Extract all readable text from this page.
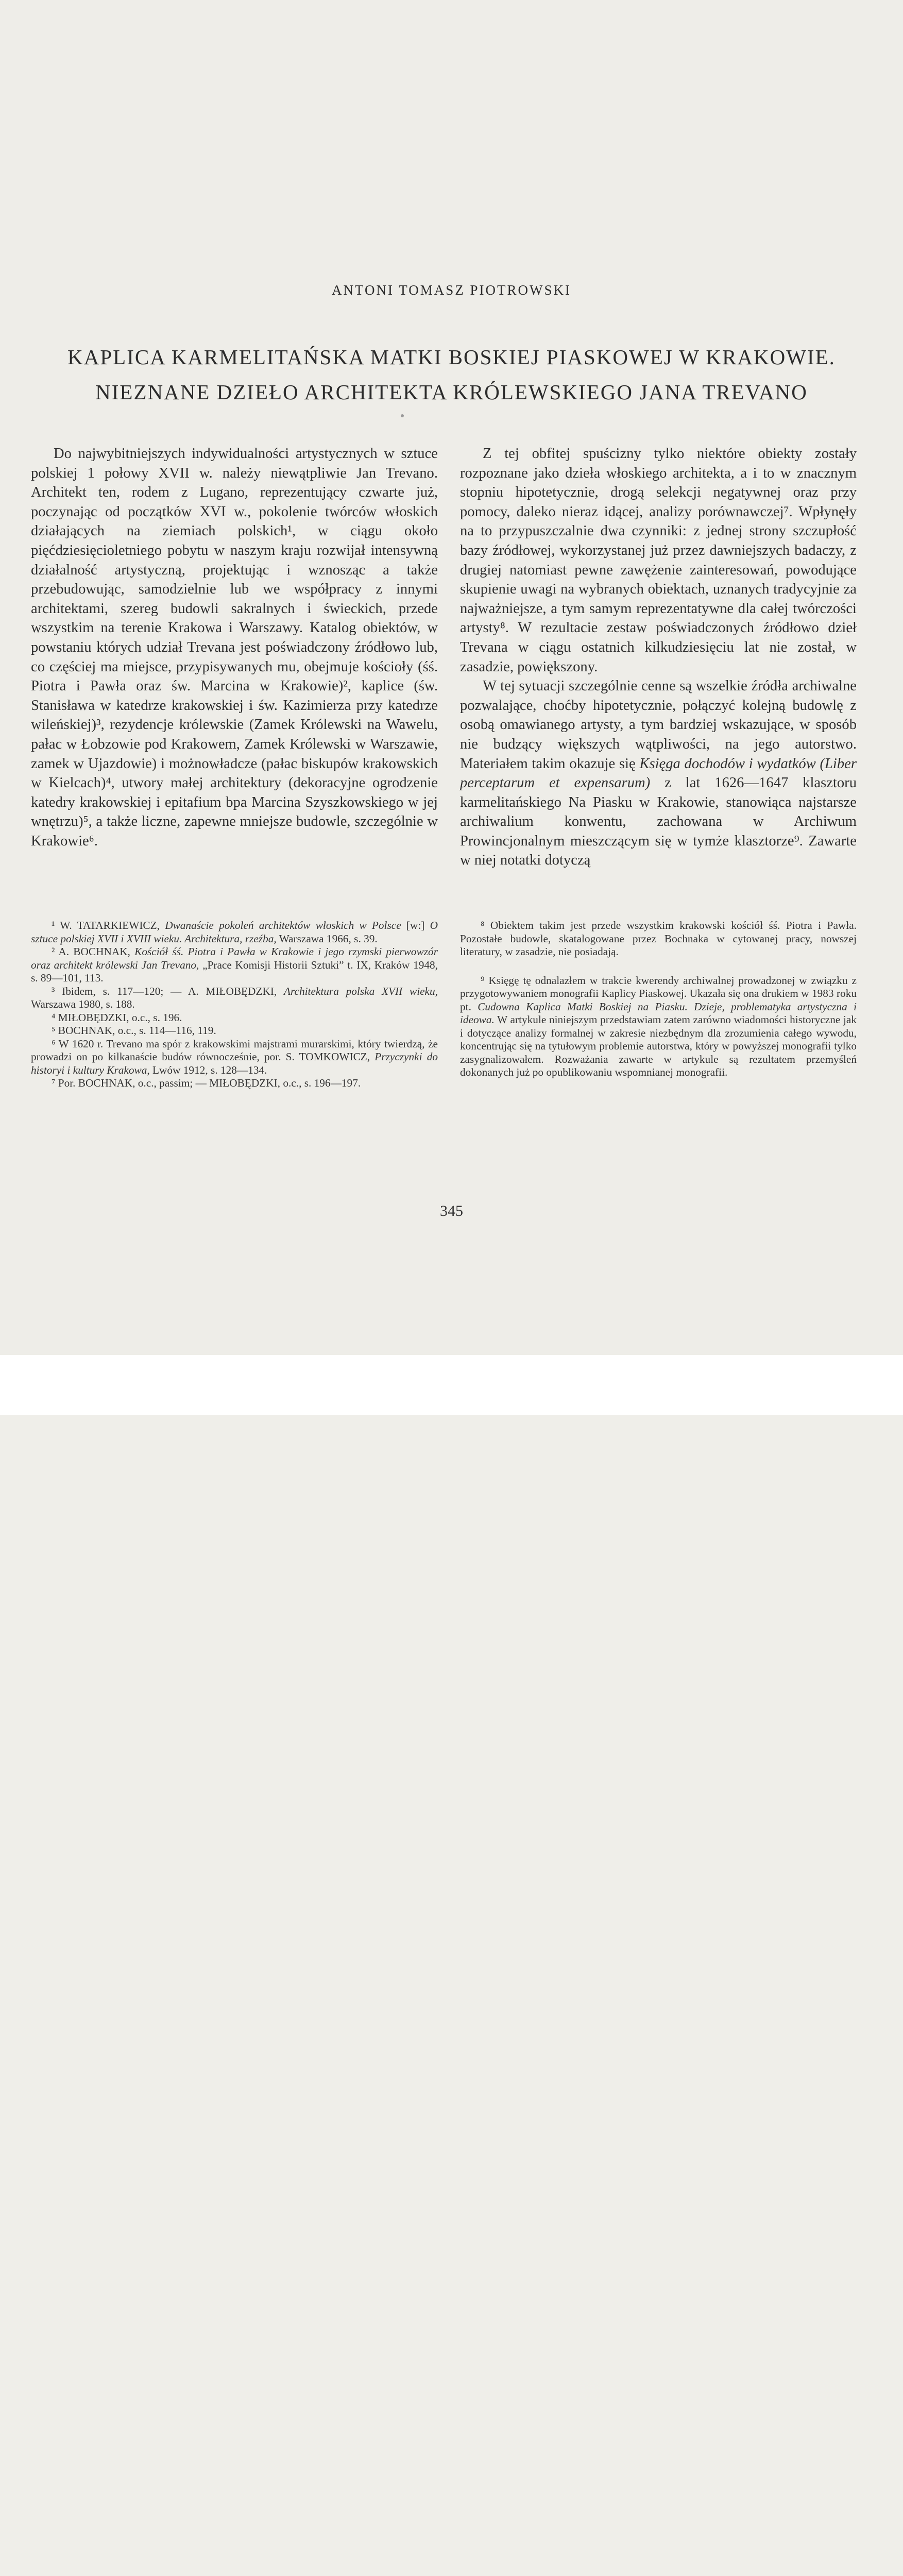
ANTONI TOMASZ PIOTROWSKI
KAPLICA KARMELITAŃSKA MATKI BOSKIEJ PIASKOWEJ W KRAKOWIE.
NIEZNANE DZIEŁO ARCHITEKTA KRÓLEWSKIEGO JANA TREVANO

Do najwybitniejszych indywidualności artystycznych w sztuce polskiej 1 połowy XVII w. należy niewątpliwie Jan Trevano. Architekt ten, rodem z Lugano, reprezentujący czwarte już, poczynając od początków XVI w., pokolenie twórców włoskich działających na ziemiach polskich¹, w ciągu około pięćdziesięcioletniego pobytu w naszym kraju rozwijał intensywną działalność artystyczną, projektując i wznosząc a także przebudowując, samodzielnie lub we współpracy z innymi architektami, szereg budowli sakralnych i świeckich, przede wszystkim na terenie Krakowa i Warszawy. Katalog obiektów, w powstaniu których udział Trevana jest poświadczony źródłowo lub, co częściej ma miejsce, przypisywanych mu, obejmuje kościoły (śś. Piotra i Pawła oraz św. Marcina w Krakowie)², kaplice (św. Stanisława w katedrze krakowskiej i św. Kazimierza przy katedrze wileńskiej)³, rezydencje królewskie (Zamek Królewski na Wawelu, pałac w Łobzowie pod Krakowem, Zamek Królewski w Warszawie, zamek w Ujazdowie) i możnowładcze (pałac biskupów krakowskich w Kielcach)⁴, utwory małej architektury (dekoracyjne ogrodzenie katedry krakowskiej i epitafium bpa Marcina Szyszkowskiego w jej wnętrzu)⁵, a także liczne, zapewne mniejsze budowle, szczególnie w Krakowie⁶.

Z tej obfitej spuścizny tylko niektóre obiekty zostały rozpoznane jako dzieła włoskiego architekta, a i to w znacznym stopniu hipotetycznie, drogą selekcji negatywnej oraz przy pomocy, daleko nieraz idącej, analizy porównawczej⁷. Wpłynęły na to przypuszczalnie dwa czynniki: z jednej strony szczupłość bazy źródłowej, wykorzystanej już przez dawniejszych badaczy, z drugiej natomiast pewne zawężenie zainteresowań, powodujące skupienie uwagi na wybranych obiektach, uznanych tradycyjnie za najważniejsze, a tym samym reprezentatywne dla całej twórczości artysty⁸. W rezultacie zestaw poświadczonych źródłowo dzieł Trevana w ciągu ostatnich kilkudziesięciu lat nie został, w zasadzie, powiększony.

W tej sytuacji szczególnie cenne są wszelkie źródła archiwalne pozwalające, choćby hipotetycznie, połączyć kolejną budowlę z osobą omawianego artysty, a tym bardziej wskazujące, w sposób nie budzący większych wątpliwości, na jego autorstwo. Materiałem takim okazuje się Księga dochodów i wydatków (Liber perceptarum et expensarum) z lat 1626—1647 klasztoru karmelitańskiego Na Piasku w Krakowie, stanowiąca najstarsze archiwalium konwentu, zachowana w Archiwum Prowincjonalnym mieszczącym się w tymże klasztorze⁹. Zawarte w niej notatki dotyczą

¹ W. TATARKIEWICZ, Dwanaście pokoleń architektów włoskich w Polsce [w:] O sztuce polskiej XVII i XVIII wieku. Architektura, rzeźba, Warszawa 1966, s. 39.

² A. BOCHNAK, Kościół śś. Piotra i Pawła w Krakowie i jego rzymski pierwowzór oraz architekt królewski Jan Trevano, „Prace Komisji Historii Sztuki” t. IX, Kraków 1948, s. 89—101, 113.

³ Ibidem, s. 117—120; — A. MIŁOBĘDZKI, Architektura polska XVII wieku, Warszawa 1980, s. 188.

⁴ MIŁOBĘDZKI, o.c., s. 196.

⁵ BOCHNAK, o.c., s. 114—116, 119.

⁶ W 1620 r. Trevano ma spór z krakowskimi majstrami murarskimi, który twierdzą, że prowadzi on po kilkanaście budów równocześnie, por. S. TOMKOWICZ, Przyczynki do historyi i kultury Krakowa, Lwów 1912, s. 128—134.

⁷ Por. BOCHNAK, o.c., passim; — MIŁOBĘDZKI, o.c., s. 196—197.

⁸ Obiektem takim jest przede wszystkim krakowski kościół śś. Piotra i Pawła. Pozostałe budowle, skatalogowane przez Bochnaka w cytowanej pracy, nowszej literatury, w zasadzie, nie posiadają.

⁹ Księgę tę odnalazłem w trakcie kwerendy archiwalnej prowadzonej w związku z przygotowywaniem monografii Kaplicy Piaskowej. Ukazała się ona drukiem w 1983 roku pt. Cudowna Kaplica Matki Boskiej na Piasku. Dzieje, problematyka artystyczna i ideowa. W artykule niniejszym przedstawiam zatem zarówno wiadomości historyczne jak i dotyczące analizy formalnej w zakresie niezbędnym dla zrozumienia całego wywodu, koncentrując się na tytułowym problemie autorstwa, który w powyższej monografii tylko zasygnalizowałem. Rozważania zawarte w artykule są rezultatem przemyśleń dokonanych już po opublikowaniu wspomnianej monografii.

345
